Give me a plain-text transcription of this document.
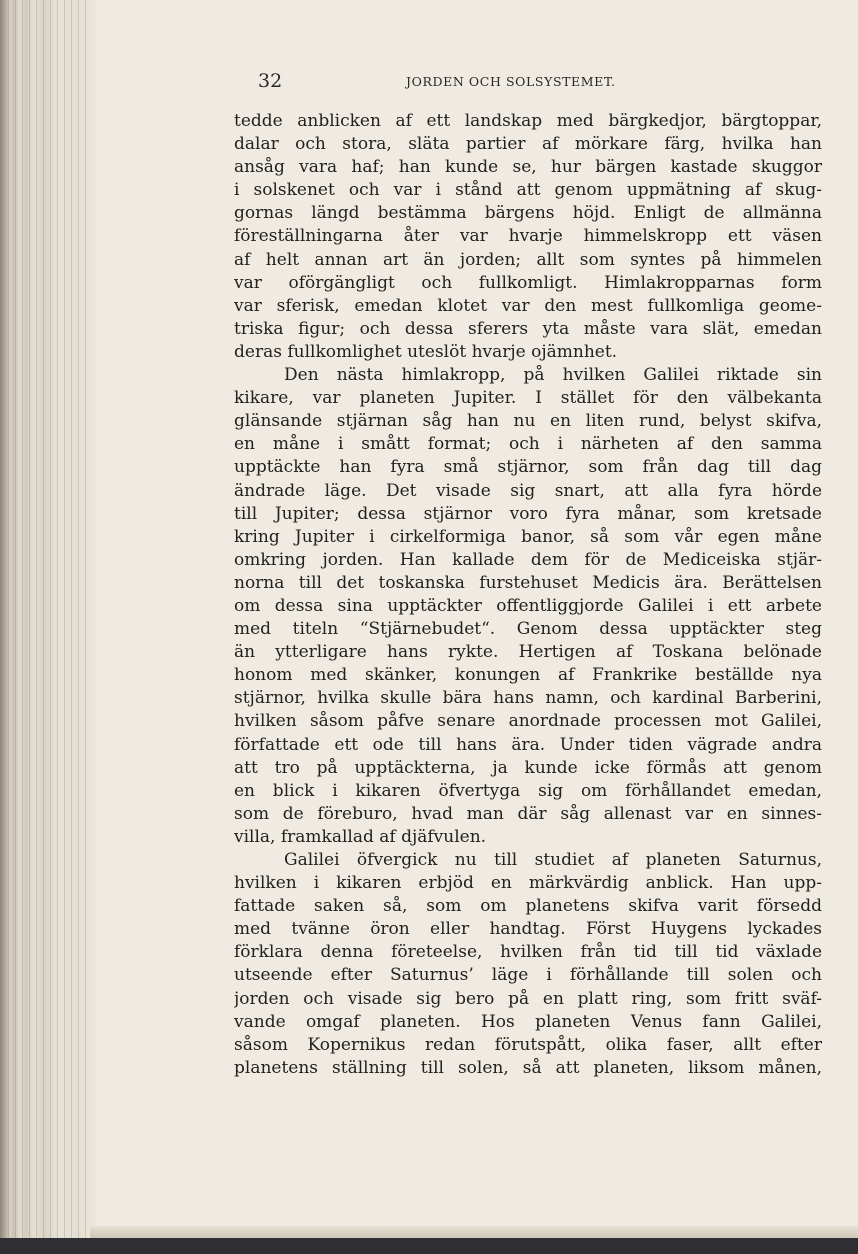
32	JORDEN OCH SOLSYSTEMET.
tedde anblicken af ett landskap med bärgkedjor, bärgtoppar,
dalar och stora, släta partier af mörkare färg, hvilka han
ansåg vara haf; han kunde se, hur bärgen kastade skuggor
i solskenet och var i stånd att genom uppmätning af skug-
gornas längd bestämma bärgens höjd. Enligt de allmänna
föreställningarna åter var hvarje himmelskropp ett väsen
af helt annan art än jorden; allt som syntes på himmelen
var oförgängligt och fullkomligt. Himlakropparnas form
var sferisk, emedan klotet var den mest fullkomliga geome-
triska figur; och dessa sferers yta måste vara slät, emedan
deras fullkomlighet uteslöt hvarje ojämnhet.
Den nästa himlakropp, på hvilken Galilei riktade sin
kikare, var planeten Jupiter. I stället för den välbekanta
glänsande stjärnan såg han nu en liten rund, belyst skifva,
en måne i smått format; och i närheten af den samma
upptäckte han fyra små stjärnor, som från dag till dag
ändrade läge. Det visade sig snart, att alla fyra hörde
till Jupiter; dessa stjärnor voro fyra månar, som kretsade
kring Jupiter i cirkelformiga banor, så som vår egen måne
omkring jorden. Han kallade dem för de Mediceiska stjär-
norna till det toskanska furstehuset Medicis ära. Berättelsen
om dessa sina upptäckter offentliggjorde Galilei i ett arbete
med titeln “Stjärnebudet“. Genom dessa upptäckter steg
än ytterligare hans rykte. Hertigen af Toskana belönade
honom med skänker, konungen af Frankrike beställde nya
stjärnor, hvilka skulle bära hans namn, och kardinal Barberini,
hvilken såsom påfve senare anordnade processen mot Galilei,
författade ett ode till hans ära. Under tiden vägrade andra
att tro på upptäckterna, ja kunde icke förmås att genom
en blick i kikaren öfvertyga sig om förhållandet emedan,
som de föreburo, hvad man där såg allenast var en sinnes-
villa, framkallad af djäfvulen.
Galilei öfvergick nu till studiet af planeten Saturnus,
hvilken i kikaren erbjöd en märkvärdig anblick. Han upp-
fattade saken så, som om planetens skifva varit försedd
med tvänne öron eller handtag. Först Huygens lyckades
förklara denna företeelse, hvilken från tid till tid växlade
utseende efter Saturnus’ läge i förhållande till solen och
jorden och visade sig bero på en platt ring, som fritt sväf-
vande omgaf planeten. Hos planeten Venus fann Galilei,
såsom Kopernikus redan förutspått, olika faser, allt efter
planetens ställning till solen, så att planeten, liksom månen,
